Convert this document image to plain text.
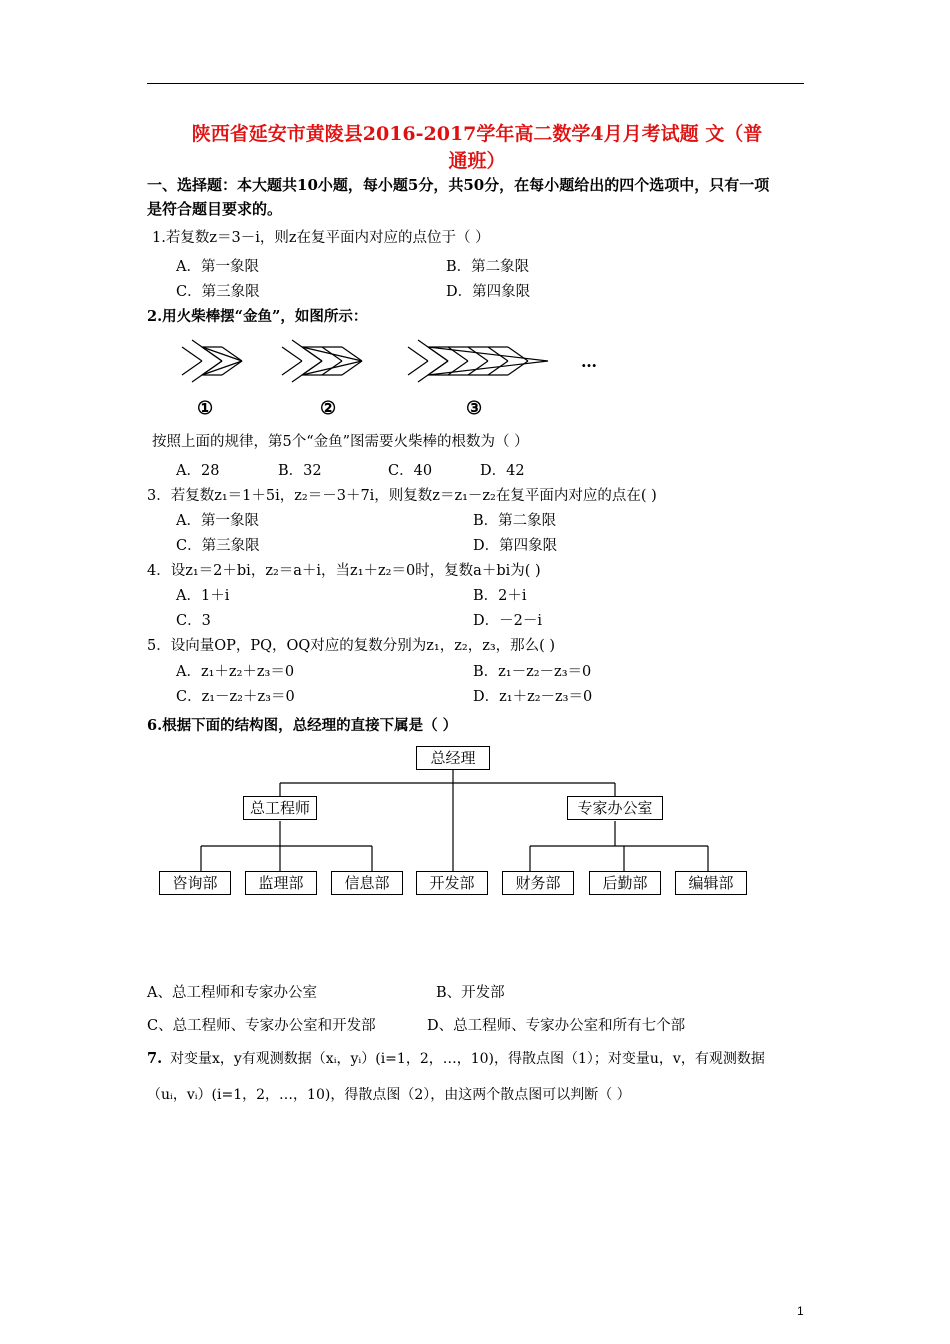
陕西省延安市黄陵县2016-2017学年高二数学4月月考试题 文（普
通班）
一、选择题：本大题共10小题，每小题5分，共50分，在每小题给出的四个选项中，只有一项
是符合题目要求的。
1.若复数z＝3－i，则z在复平面内对应的点位于（ ）
A．第一象限	B．第二象限
C．第三象限	D．第四象限
2.用火柴棒摆“金鱼”，如图所示：
…
①	②	③
按照上面的规律，第5个“金鱼”图需要火柴棒的根数为（ ）
A．28	B．32	C．40	D．42
3．若复数z₁＝1＋5i，z₂＝－3＋7i，则复数z＝z₁－z₂在复平面内对应的点在( )
A．第一象限	B．第二象限
C．第三象限	D．第四象限
4．设z₁＝2＋bi，z₂＝a＋i，当z₁＋z₂＝0时，复数a＋bi为( )
A．1＋i	B．2＋i
C．3	D．－2－i
5．设向量OP，PQ，OQ对应的复数分别为z₁，z₂，z₃，那么( )
A．z₁＋z₂＋z₃＝0	B．z₁－z₂－z₃＝0
C．z₁－z₂＋z₃＝0	D．z₁＋z₂－z₃＝0
6.根据下面的结构图，总经理的直接下属是（ ）
总经理
总工程师	专家办公室
咨询部	监理部	信息部	开发部	财务部	后勤部	编辑部
A、总工程师和专家办公室	B、开发部
C、总工程师、专家办公室和开发部	D、总工程师、专家办公室和所有七个部
7. 对变量x，y有观测数据（xᵢ，yᵢ）(i=1，2，…，10)，得散点图（1）；对变量u，v，有观测数据
（uᵢ，vᵢ）(i=1，2，…，10)，得散点图（2），由这两个散点图可以判断（ ）
1
